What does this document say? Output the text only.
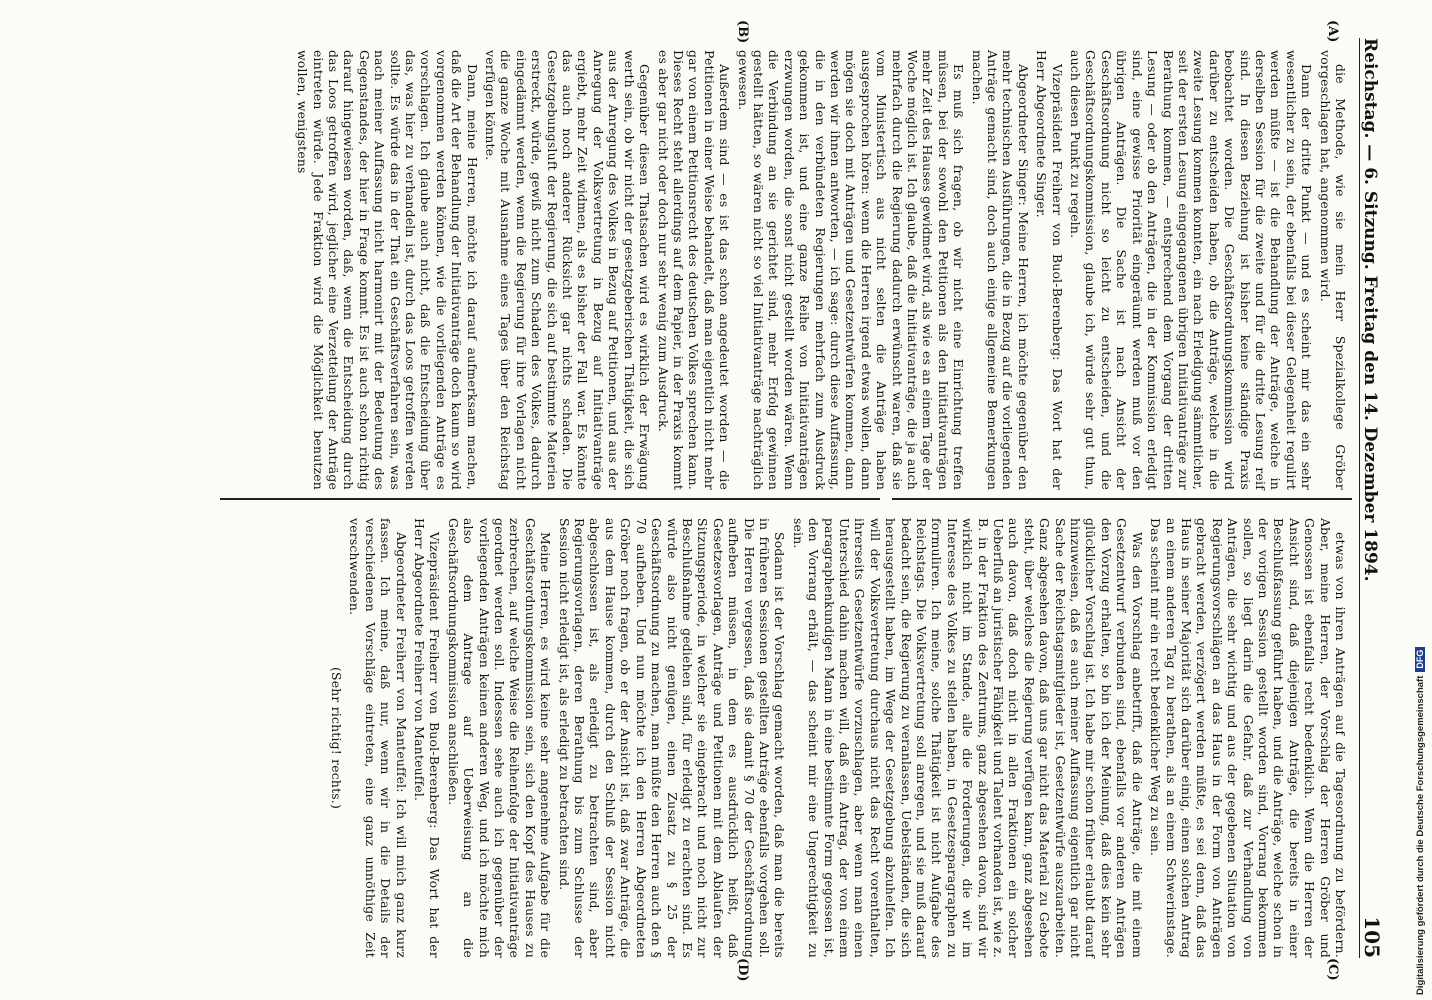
Reichstag. — 6. Sitzung. Freitag den 14. Dezember 1894.
105
(A)
(B)
(C)
(D)

die Methode, wie sie mein Herr Spezialkollege Gröber vorgeschlagen hat, angenommen wird.

Dann der dritte Punkt — und es scheint mir das ein sehr wesentlicher zu sein, der ebenfalls bei dieser Gelegenheit regulirt werden müßte — ist die Behandlung der Anträge, welche in derselben Session für die zweite und für die dritte Lesung reif sind. In diesen Beziehung ist bisher keine ständige Praxis beobachtet worden. Die Geschäftsordnungskommission wird darüber zu entscheiden haben, ob die Anträge, welche in die zweite Lesung kommen konnten, ein nach Erledigung sämmtlicher, seit der ersten Lesung eingegangenen übrigen Initiativanträge zur Berathung kommen, — entsprechend dem Vorgang der dritten Lesung — oder ob den Anträgen, die in der Kommission erledigt sind, eine gewisse Priorität eingeräumt werden muß vor den übrigen Anträgen. Die Sache ist nach Ansicht der Geschäftsordnung nicht so leicht zu entscheiden, und die Geschäftsordnungskommission, glaube ich, würde sehr gut thun, auch diesen Punkt zu regeln.

Vizepräsident Freiherr von Buol-Berenberg: Das Wort hat der Herr Abgeordnete Singer.

Abgeordneter Singer: Meine Herren, ich möchte gegenüber den mehr technischen Ausführungen, die in Bezug auf die vorliegenden Anträge gemacht sind, doch auch einige allgemeine Bemerkungen machen.

Es muß sich fragen, ob wir nicht eine Einrichtung treffen müssen, bei der sowohl den Petitionen als den Initiativanträgen mehr Zeit des Hauses gewidmet wird, als wie es an einem Tage der Woche möglich ist. Ich glaube, daß die Initiativanträge, die ja auch mehrfach durch die Regierung dadurch erwünscht waren, daß sie vom Ministertisch aus nicht selten die Anträge haben ausgesprochen hören: wenn die Herren irgend etwas wollen, dann mögen sie doch mit Anträgen und Gesetzentwürfen kommen, dann werden wir ihnen antworten, — ich sage: durch diese Auffassung, die in den verbündeten Regierungen mehrfach zum Ausdruck gekommen ist, und eine ganze Reihe von Initiativanträgen erzwungen worden, die sonst nicht gestellt worden wären. Wenn die Verbindung an sie gerichtet sind, mehr Erfolg gewinnen gestellt hätten, so wären nicht so viel Initiativanträge nachträglich gewesen.

Außerdem sind — es ist das schon angedeutet worden — die Petitionen in einer Weise behandelt, daß man eigentlich nicht mehr gar von einem Petitionsrecht des deutschen Volkes sprechen kann. Dieses Recht steht allerdings auf dem Papier, in der Praxis kommt es aber gar nicht oder doch nur sehr wenig zum Ausdruck.

Gegenüber diesen Thatsachen wird es wirklich der Erwägung werth sein, ob wir nicht der gesetzgeberischen Thätigkeit, die sich aus der Anregung des Volkes in Bezug auf Petitionen, und aus der Anregung der Volksvertretung in Bezug auf Initiativanträge ergiebt, mehr Zeit widmen, als es bisher der Fall war. Es könnte das auch noch anderer Rücksicht gar nichts schaden. Die Gesetzgebungsluft der Regierung, die sich auf bestimmte Materien erstreckt, würde, gewiß nicht zum Schaden des Volkes, dadurch eingedämmt werden, wenn die Regierung für ihre Vorlagen nicht die ganze Woche mit Ausnahme eines Tages über den Reichstag verfügen könnte.

Dann, meine Herren, möchte ich darauf aufmerksam machen, daß die Art der Behandlung der Initiativanträge doch kaum so wird vorgenommen werden können, wie die vorliegenden Anträge es vorschlagen. Ich glaube auch nicht, daß die Entscheidung über das, was hier zu verhandeln ist, durch das Loos getroffen werden sollte. Es würde das in der That ein Geschäftsverfahren sein, was nach meiner Auffassung nicht harmonirt mit der Bedeutung des Gegenstandes, der hier in Frage kommt. Es ist auch schon richtig darauf hingewiesen worden, daß, wenn die Entscheidung durch das Loos getroffen wird, jeglicher eine Verzettelung der Anträge eintreten würde. Jede Fraktion wird die Möglichkeit benutzen wollen, wenigstens

etwas von ihren Anträgen auf die Tagesordnung zu befördern. Aber, meine Herren, der Vorschlag der Herren Gröber und Genossen ist ebenfalls recht bedenklich. Wenn die Herren der Ansicht sind, daß diejenigen Anträge, die bereits in einer Beschlußfassung geführt haben, und die Anträge, welche schon in der vorigen Session gestellt worden sind, Vorrang bekommen sollen, so liegt darin die Gefahr, daß zur Verhandlung von Anträgen, die sehr wichtig und aus der gegebenen Situation von Regierungsvorschlägen an das Haus in der Form von Anträgen gebracht werden, verzögert werden müßte, es sei denn, daß das Haus in seiner Majorität sich darüber einig, einen solchen Antrag an einem anderen Tag zu berathen, als an einem Schwerinstage. Das scheint mir ein recht bedenklicher Weg zu sein.

Was den Vorschlag anbetrifft, daß die Anträge, die mit einem Gesetzentwurf verbunden sind, ebenfalls vor anderen Anträgen den Vorzug erhalten, so bin ich der Meinung, daß dies kein sehr glücklicher Vorschlag ist. Ich habe mir schon früher erlaubt darauf hinzuweisen, daß es auch meiner Auffassung eigentlich gar nicht Sache der Reichstagsmitglieder ist, Gesetzentwürfe auszuarbeiten. Ganz abgesehen davon, daß uns gar nicht das Material zu Gebote steht, über welches die Regierung verfügen kann, ganz abgesehen auch davon, daß doch nicht in allen Fraktionen ein solcher Ueberfluß an juristischer Fähigkeit und Talent vorhanden ist, wie z. B. in der Fraktion des Zentrums, ganz abgesehen davon, sind wir wirklich nicht im Stande, alle die Forderungen, die wir im Interesse des Volkes zu stellen haben, in Gesetzesparagraphen zu formuliren. Ich meine, solche Thätigkeit ist nicht Aufgabe des Reichstags. Die Volksvertretung soll anregen, und sie muß darauf bedacht sein, die Regierung zu veranlassen, Uebelständen, die sich herausgestellt haben, im Wege der Gesetzgebung abzuhelfen. Ich will der Volksvertretung durchaus nicht das Recht vorenthalten, ihrerseits Gesetzentwürfe vorzuschlagen, aber wenn man einen Unterschied dahin machen will, daß ein Antrag, der von einem paragraphenkundigen Mann in eine bestimmte Form gegossen ist, den Vorrang erhält, — das scheint mir eine Ungerechtigkeit zu sein.

Sodann ist der Vorschlag gemacht worden, daß man die bereits in früheren Sessionen gestellten Anträge ebenfalls vorgehen soll. Die Herren vergessen, daß sie damit § 70 der Geschäftsordnung aufheben müssen, in dem es ausdrücklich heißt, daß Gesetzesvorlagen, Anträge und Petitionen mit dem Ablaufen der Sitzungsperiode, in welcher sie eingebracht und noch nicht zur Beschlußnahme gediehen sind, für erledigt zu erachten sind. Es würde also nicht genügen, einen Zusatz zu § 25 der Geschäftsordnung zu machen, man müßte den Herren auch den § 70 aufheben. Und nun möchte ich den Herren Abgeordneten Gröber noch fragen, ob er der Ansicht ist, daß zwar Anträge, die aus dem Hause kommen, durch den Schluß der Session nicht abgeschlossen ist, als erledigt zu betrachten sind, aber Regierungsvorlagen, deren Berathung bis zum Schlusse der Session nicht erledigt ist, als erledigt zu betrachten sind.

Meine Herren, es wird keine sehr angenehme Aufgabe für die Geschäftsordnungskommission sein, sich den Kopf des Hauses zu zerbrechen, auf welche Weise die Reihenfolge der Initiativanträge geordnet werden soll. Indessen sehe auch ich gegenüber der vorliegenden Anträgen keinen anderen Weg, und ich möchte mich also dem Antrage auf Ueberweisung an die Geschäftsordnungskommission anschließen.

Vizepräsident Freiherr von Buol-Berenberg: Das Wort hat der Herr Abgeordnete Freiherr von Manteuffel.

Abgeordneter Freiherr von Manteuffel: Ich will mich ganz kurz fassen. Ich meine, daß nur, wenn wir in die Details der verschiedenen Vorschläge eintreten, eine ganz unnöthige Zeit verschwenden.

(Sehr richtig! rechts.)	Digitalisierung gefördert durch die Deutsche ForschungsgemeinschaftDFG
